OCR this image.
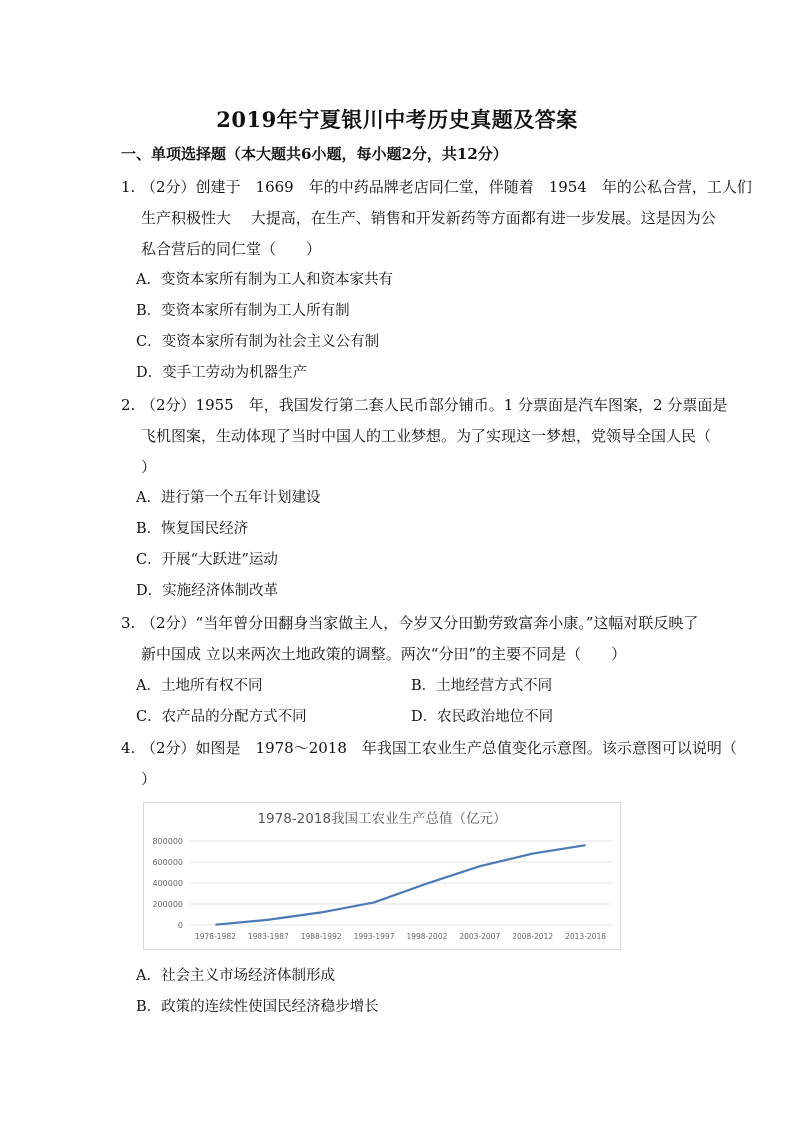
2019年宁夏银川中考历史真题及答案
一、单项选择题（本大题共6小题，每小题2分，共12分）
1. （2分）创建于　1669　年的中药品牌老店同仁堂，伴随着　1954　年的公私合营，工人们
生产积极性大　 大提高，在生产、销售和开发新药等方面都有进一步发展。这是因为公
私合营后的同仁堂（　　）
A．变资本家所有制为工人和资本家共有
B．变资本家所有制为工人所有制
C．变资本家所有制为社会主义公有制
D．变手工劳动为机器生产
2. （2分）1955　年，我国发行第二套人民币部分铺币。1 分票面是汽车图案，2 分票面是
飞机图案，生动体现了当时中国人的工业梦想。为了实现这一梦想，党领导全国人民（
）
A．进行第一个五年计划建设
B．恢复国民经济
C．开展“大跃进”运动
D．实施经济体制改革
3. （2分）“当年曾分田翻身当家做主人，今岁又分田勤劳致富奔小康。”这幅对联反映了
新中国成 立以来两次土地政策的调整。两次“分田”的主要不同是（　　）
A．土地所有权不同	B．土地经营方式不同
C．农产品的分配方式不同	D．农民政治地位不同
4. （2分）如图是　1978～2018　年我国工农业生产总值变化示意图。该示意图可以说明（
）
1978-2018我国工农业生产总值（亿元）
800000
600000
400000
200000
0
1978-1982 1983-1987 1988-1992 1993-1997 1998-2002 2003-2007 2008-2012 2013-2018
A．社会主义市场经济体制形成
B．政策的连续性使国民经济稳步增长
